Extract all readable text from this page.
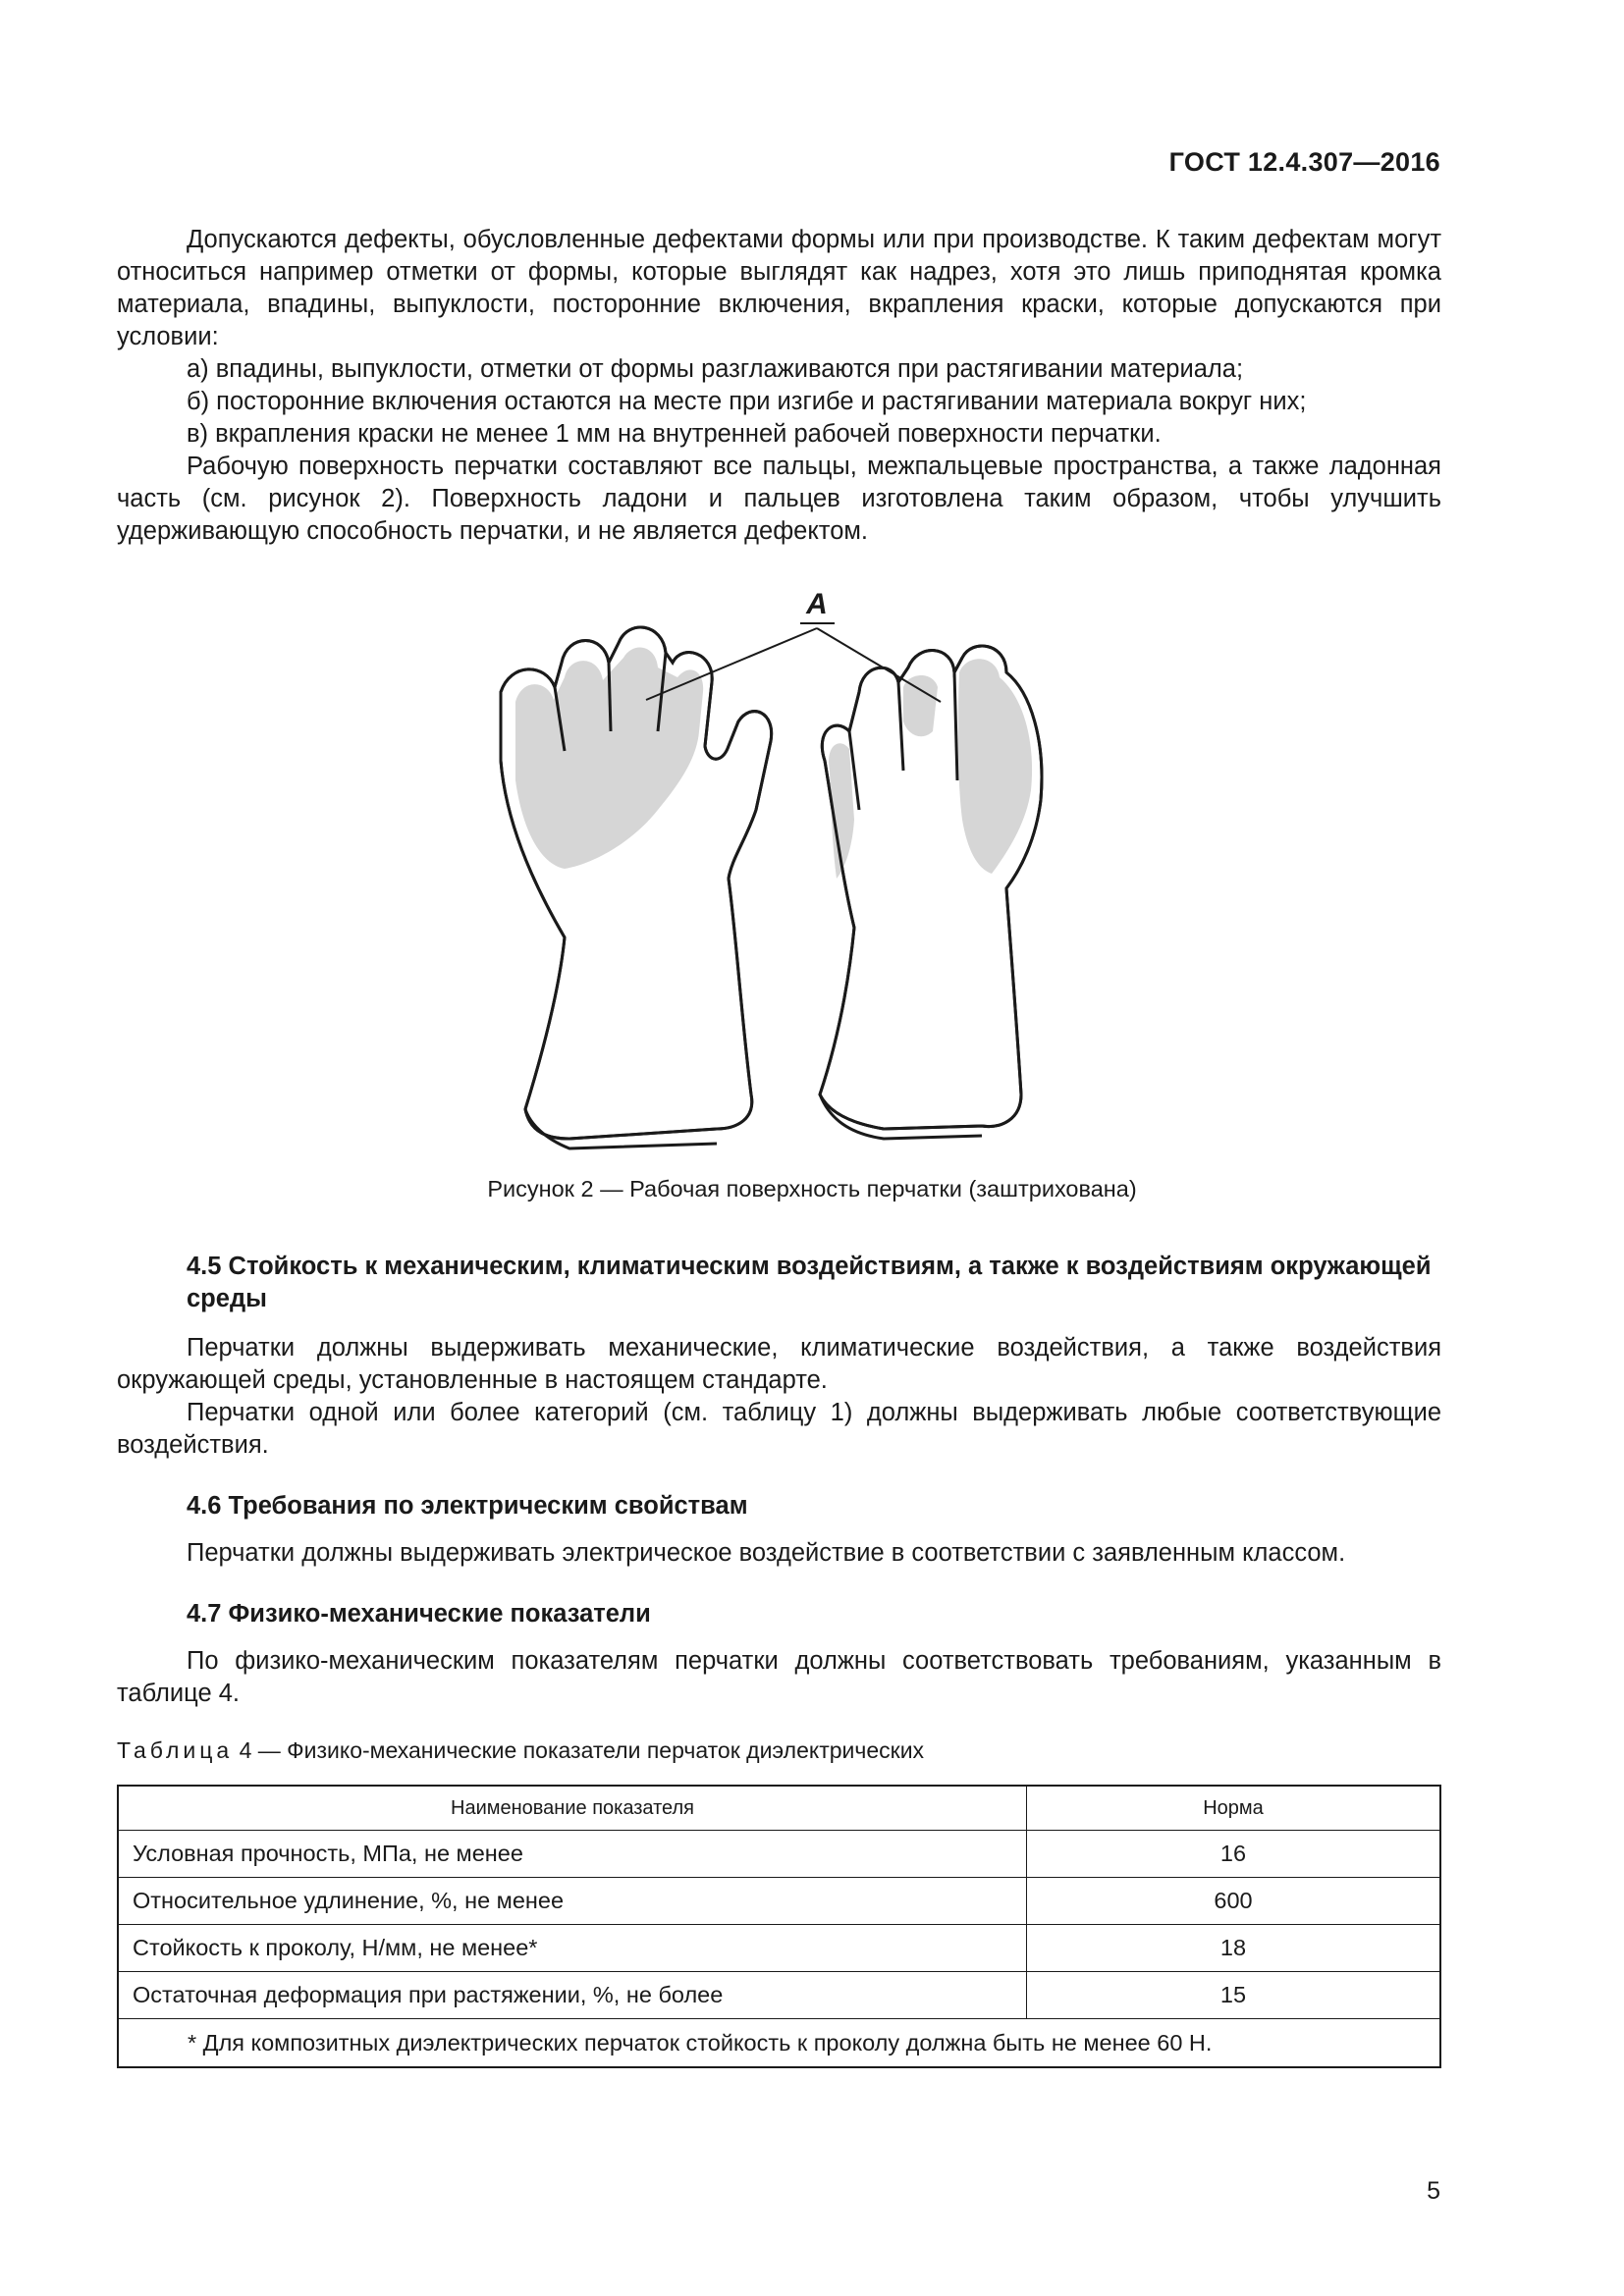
ГОСТ 12.4.307—2016

Допускаются дефекты, обусловленные дефектами формы или при производстве. К таким дефектам могут относиться например отметки от формы, которые выглядят как надрез, хотя это лишь приподнятая кромка материала, впадины, выпуклости, посторонние включения, вкрапления краски, которые допускаются при условии:

а) впадины, выпуклости, отметки от формы разглаживаются при растягивании материала;

б) посторонние включения остаются на месте при изгибе и растягивании материала вокруг них;

в) вкрапления краски не менее 1 мм на внутренней рабочей поверхности перчатки.

Рабочую поверхность перчатки составляют все пальцы, межпальцевые пространства, а также ладонная часть (см. рисунок 2). Поверхность ладони и пальцев изготовлена таким образом, чтобы улучшить удерживающую способность перчатки, и не является дефектом.

А
Рисунок 2 — Рабочая поверхность перчатки (заштрихована)
4.5 Стойкость к механическим, климатическим воздействиям, а также к воздействиям окружающей среды

Перчатки должны выдерживать механические, климатические воздействия, а также воздействия окружающей среды, установленные в настоящем стандарте.

Перчатки одной или более категорий (см. таблицу 1) должны выдерживать любые соответствующие воздействия.

4.6 Требования по электрическим свойствам

Перчатки должны выдерживать электрическое воздействие в соответствии с заявленным классом.

4.7 Физико-механические показатели

По физико-механическим показателям перчатки должны соответствовать требованиям, указанным в таблице 4.

Таблица 4 — Физико-механические показатели перчаток диэлектрических
Наименование показателя	Норма
Условная прочность, МПа, не менее	16
Относительное удлинение, %, не менее	600
Стойкость к проколу, Н/мм, не менее*	18
Остаточная деформация при растяжении, %, не более	15
* Для композитных диэлектрических перчаток стойкость к проколу должна быть не менее 60 Н.	
5
